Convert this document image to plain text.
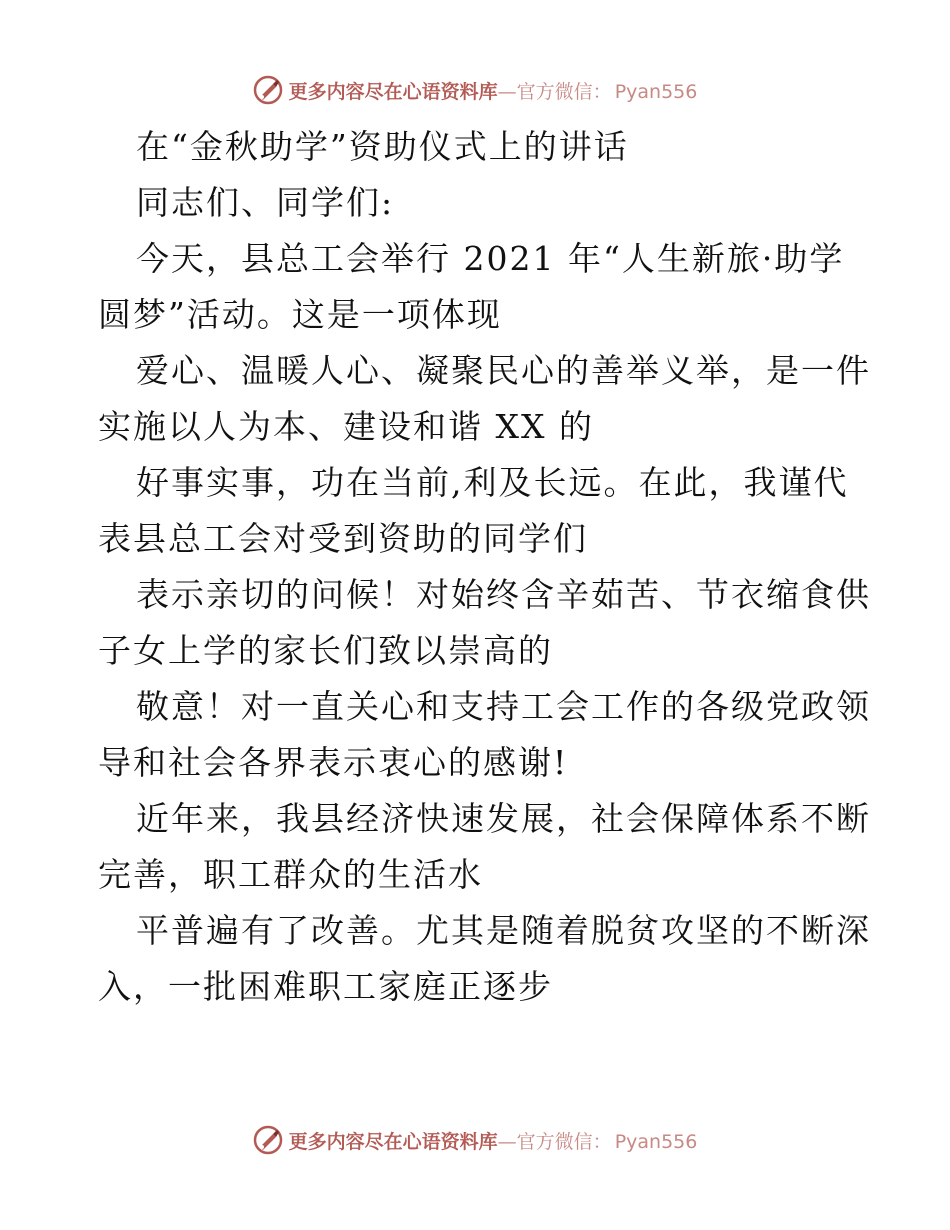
更多内容尽在心语资料库—官方微信： Pyan556
在“金秋助学”资助仪式上的讲话
同志们、同学们:
今天，县总工会举行 2021 年“人生新旅·助学
圆梦”活动。这是一项体现
爱心、温暖人心、凝聚民心的善举义举，是一件
实施以人为本、建设和谐 XX 的
好事实事，功在当前,利及长远。在此，我谨代
表县总工会对受到资助的同学们
表示亲切的问候！对始终含辛茹苦、节衣缩食供
子女上学的家长们致以崇高的
敬意！对一直关心和支持工会工作的各级党政领
导和社会各界表示衷心的感谢!
近年来，我县经济快速发展，社会保障体系不断
完善，职工群众的生活水
平普遍有了改善。尤其是随着脱贫攻坚的不断深
入，一批困难职工家庭正逐步
更多内容尽在心语资料库—官方微信： Pyan556
